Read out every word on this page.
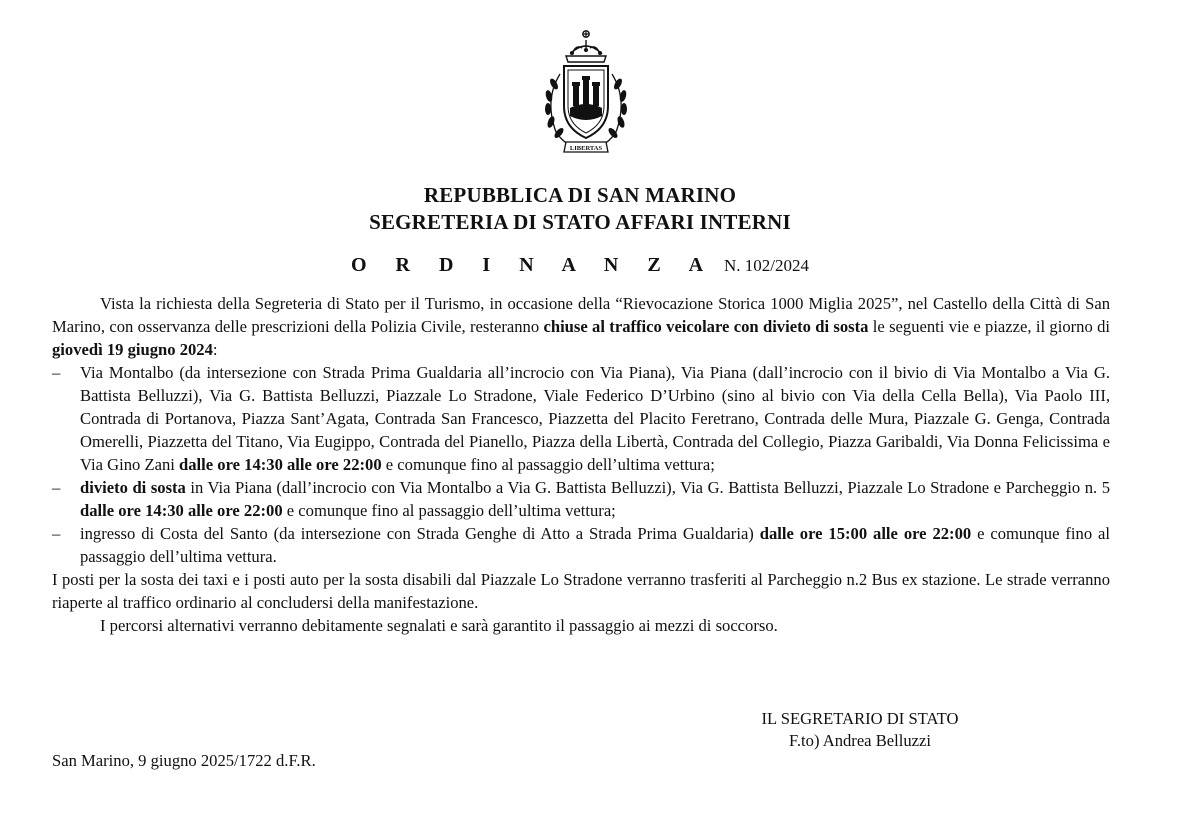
LIBERTAS
REPUBBLICA DI SAN MARINO
SEGRETERIA DI STATO AFFARI INTERNI
O R D I N A N Z A N. 102/2024

Vista la richiesta della Segreteria di Stato per il Turismo, in occasione della “Rievocazione Storica 1000 Miglia 2025”, nel Castello della Città di San Marino, con osservanza delle prescrizioni della Polizia Civile, resteranno chiuse al traffico veicolare con divieto di sosta le seguenti vie e piazze, il giorno di giovedì 19 giugno 2024:

–	Via Montalbo (da intersezione con Strada Prima Gualdaria all’incrocio con Via Piana), Via Piana (dall’incrocio con il bivio di Via Montalbo a Via G. Battista Belluzzi), Via G. Battista Belluzzi, Piazzale Lo Stradone, Viale Federico D’Urbino (sino al bivio con Via della Cella Bella), Via Paolo III, Contrada di Portanova, Piazza Sant’Agata, Contrada San Francesco, Piazzetta del Placito Feretrano, Contrada delle Mura, Piazzale G. Genga, Contrada Omerelli, Piazzetta del Titano, Via Eugippo, Contrada del Pianello, Piazza della Libertà, Contrada del Collegio, Piazza Garibaldi, Via Donna Felicissima e Via Gino Zani dalle ore 14:30 alle ore 22:00 e comunque fino al passaggio dell’ultima vettura;

–	divieto di sosta in Via Piana (dall’incrocio con Via Montalbo a Via G. Battista Belluzzi), Via G. Battista Belluzzi, Piazzale Lo Stradone e Parcheggio n. 5 dalle ore 14:30 alle ore 22:00 e comunque fino al passaggio dell’ultima vettura;

–	ingresso di Costa del Santo (da intersezione con Strada Genghe di Atto a Strada Prima Gualdaria) dalle ore 15:00 alle ore 22:00 e comunque fino al passaggio dell’ultima vettura.

I posti per la sosta dei taxi e i posti auto per la sosta disabili dal Piazzale Lo Stradone verranno trasferiti al Parcheggio n.2 Bus ex stazione. Le strade verranno riaperte al traffico ordinario al concludersi della manifestazione.

I percorsi alternativi verranno debitamente segnalati e sarà garantito il passaggio ai mezzi di soccorso.

IL SEGRETARIO DI STATO
F.to) Andrea Belluzzi
San Marino, 9 giugno 2025/1722 d.F.R.
